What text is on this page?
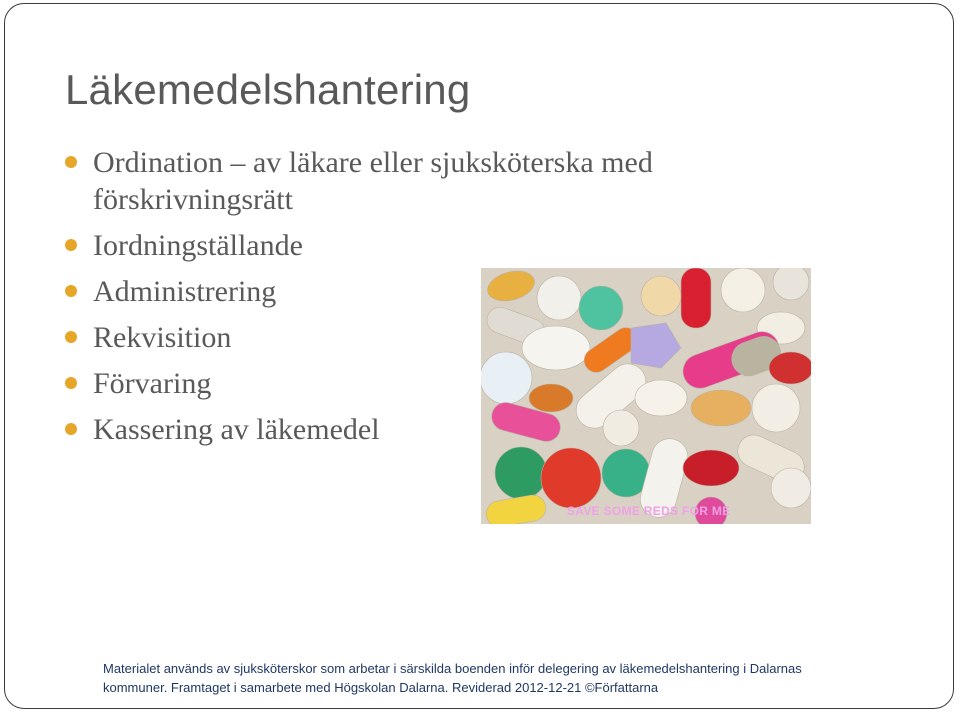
Läkemedelshantering
Ordination – av läkare eller sjuksköterska med förskrivningsrätt
Iordningställande
Administrering
Rekvisition
Förvaring
Kassering av läkemedel
SAVE SOME REDS FOR ME
Materialet används av sjuksköterskor som arbetar i särskilda boenden inför delegering av läkemedelshantering i Dalarnas kommuner. Framtaget i samarbete med Högskolan Dalarna. Reviderad 2012-12-21 ©Författarna
